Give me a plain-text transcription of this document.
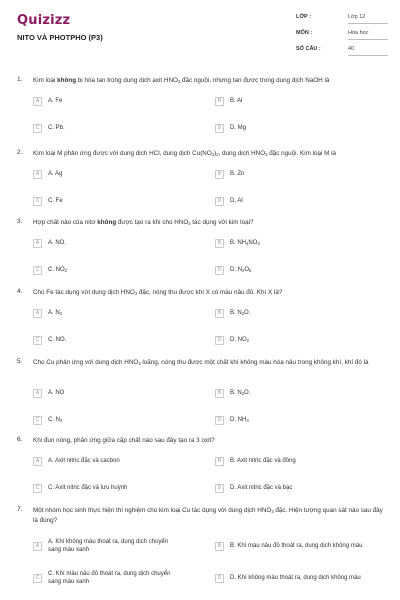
Quizizz
NITO VÀ PHOTPHO (P3)
LỚP :	Lớp 12
MÔN :	Hóa học
SỐ CÂU :	40
1. Kim loại không bị hòa tan trong dung dịch axit $HNO_3$ đặc nguội, nhưng tan được trong dung dịch NaOH là
A	A. Fe	B	B. Al
C	C. Pb.	D	D. Mg
2. Kim loại M phản ứng được với dung dịch HCl, dung dịch $Cu(NO_3)_2$, dung dịch $HNO_3$ đặc nguội. Kim loại M là
A	A. Ag	B	B. Zn
C	C. Fe	D	D. Al
3. Hợp chất nào của nitơ không được tạo ra khi cho $HNO_3$ tác dụng với kim loại?
A	A. NO.	B	B. $NH_4NO_3$
C	C. $NO_2$	D	D. $N_2O_5$
4. Cho Fe tác dụng với dung dịch $HNO_3$ đặc, nóng thu được khí X có màu nâu đỏ. Khí X là?
A	A. $N_2$	B	B. $N_2O$.
C	C. NO.	D	D. $NO_2$
5. Cho Cu phản ứng với dung dịch $HNO_3$ loãng, nóng thu được một chất khí không màu hóa nâu trong không khí, khí đó là
A	A. NO	B	B. $N_2O$.
C	C. $N_2$	D	D. $NH_3$
6. Khi đun nóng, phản ứng giữa cặp chất nào sau đây tạo ra 3 oxit?
A	A. Axit nitric đặc và cacbon	B	B. Axit nitric đặc và đồng
C	C. Axit nitric đặc và lưu huỳnh	D	D. Axit nitric đặc và bạc
7. Một nhóm học sinh thực hiện thí nghiệm cho kim loại Cu tác dụng với dung dịch $HNO_3$ đặc. Hiện tượng quan sát nào sau đây là đúng?
A
A. Khí không màu thoát ra, dung dịch chuyển sang màu xanh
B	B. Khí màu nâu đỏ thoát ra, dung dịch không màu
C
C. Khí màu nâu đỏ thoát ra, dung dịch chuyển sang màu xanh
D	D. Khí không màu thoát ra, dung dịch không màu
